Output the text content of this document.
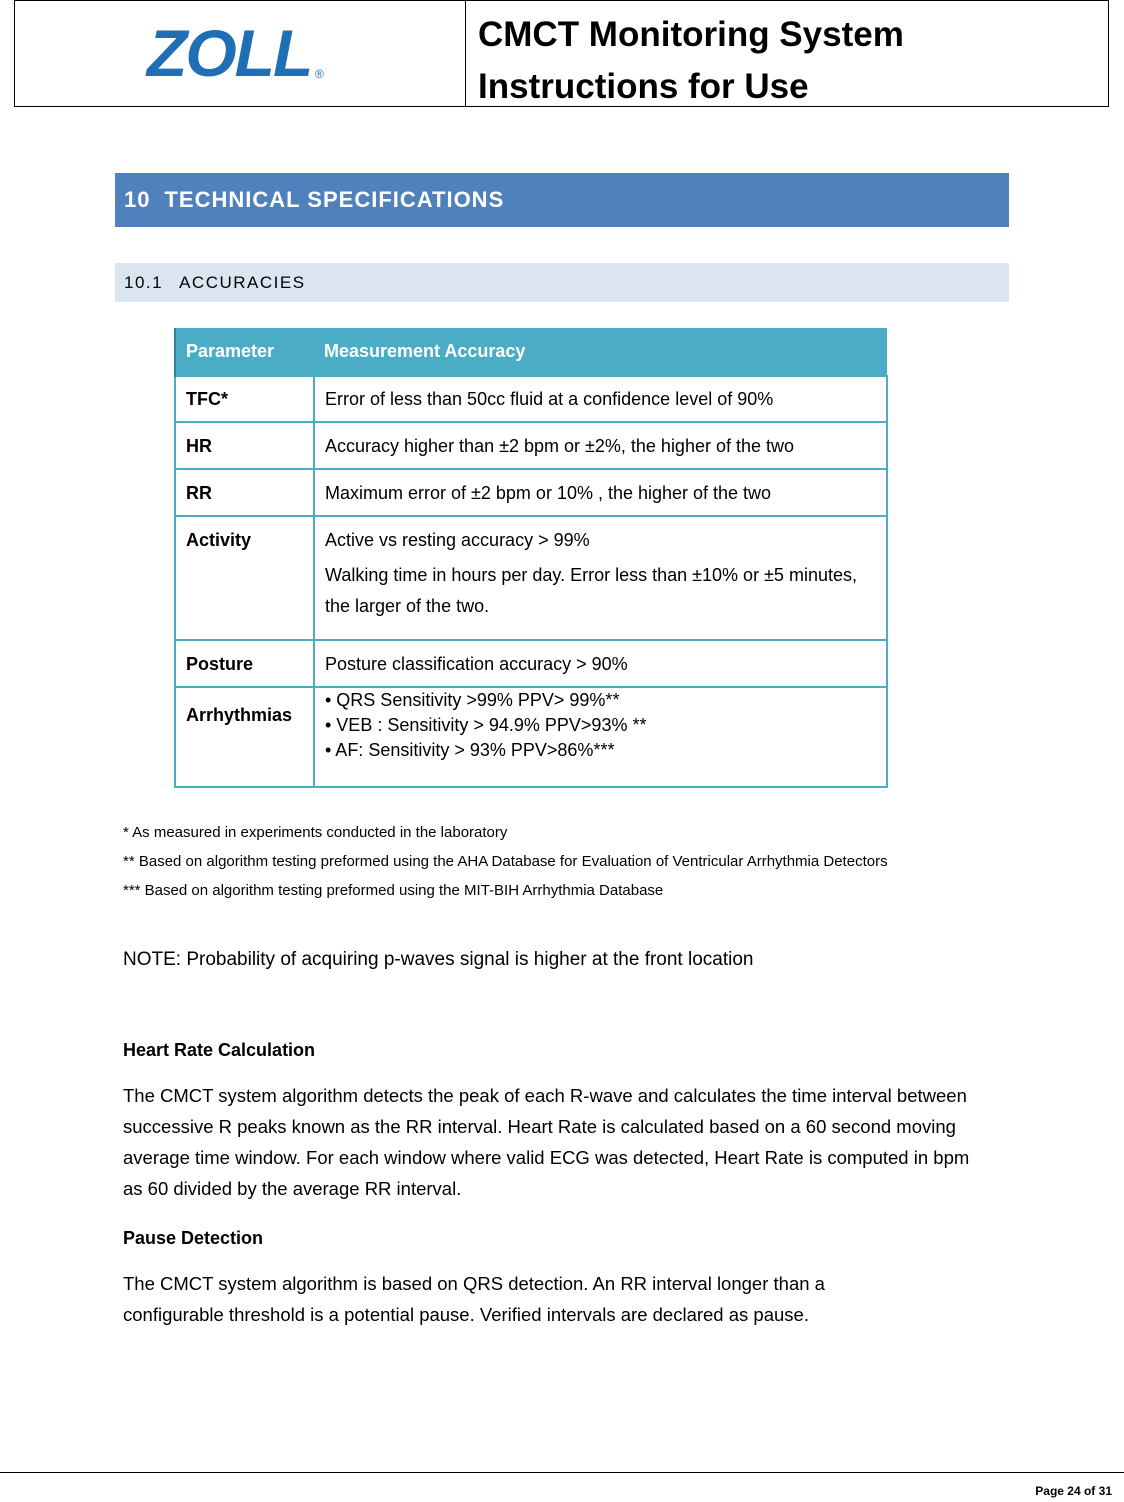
ZOLL ®
CMCT Monitoring System
Instructions for Use
10 TECHNICAL SPECIFICATIONS
10.1 ACCURACIES
Parameter	Measurement Accuracy
TFC*	Error of less than 50cc fluid at a confidence level of 90%
HR	Accuracy higher than ±2 bpm or ±2%, the higher of the two
RR	Maximum error of ±2 bpm or 10% , the higher of the two
Activity	Active vs resting accuracy > 99%

Walking time in hours per day. Error less than ±10% or ±5 minutes, the larger of the two.

Posture	Posture classification accuracy > 90%
Arrhythmias	• QRS Sensitivity >99% PPV> 99%**

• VEB : Sensitivity > 94.9% PPV>93% **

• AF: Sensitivity > 93% PPV>86%***

* As measured in experiments conducted in the laboratory
** Based on algorithm testing preformed using the AHA Database for Evaluation of Ventricular Arrhythmia Detectors
*** Based on algorithm testing preformed using the MIT-BIH Arrhythmia Database
NOTE: Probability of acquiring p-waves signal is higher at the front location
Heart Rate Calculation
The CMCT system algorithm detects the peak of each R-wave and calculates the time interval between successive R peaks known as the RR interval. Heart Rate is calculated based on a 60 second moving average time window. For each window where valid ECG was detected, Heart Rate is computed in bpm as 60 divided by the average RR interval.
Pause Detection
The CMCT system algorithm is based on QRS detection. An RR interval longer than a configurable threshold is a potential pause. Verified intervals are declared as pause.
Page 24 of 31
